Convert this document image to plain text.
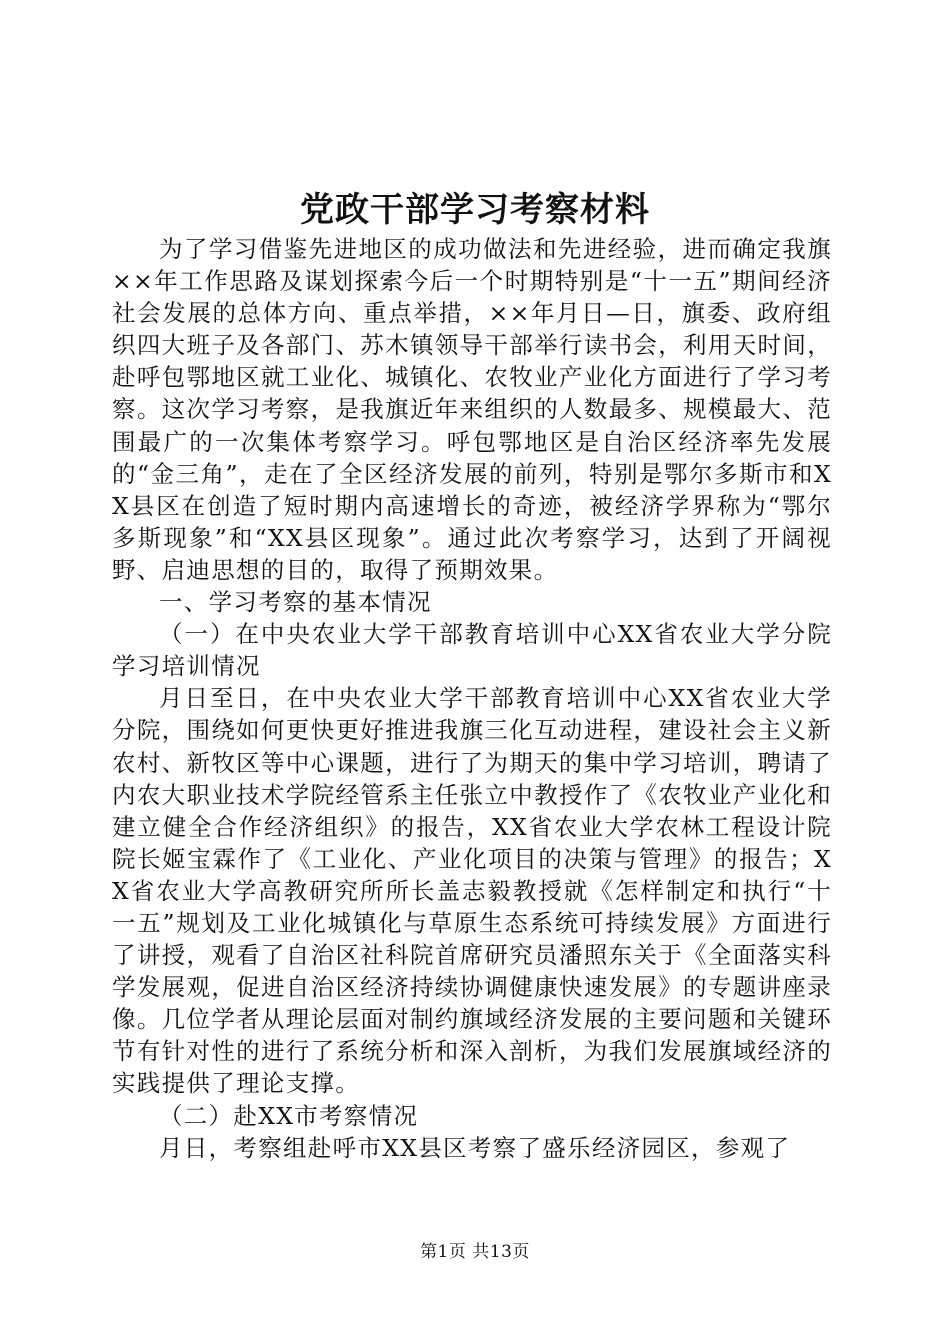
党政干部学习考察材料

为了学习借鉴先进地区的成功做法和先进经验，进而确定我旗××年工作思路及谋划探索今后一个时期特别是“十一五”期间经济社会发展的总体方向、重点举措，××年月日—日，旗委、政府组织四大班子及各部门、苏木镇领导干部举行读书会，利用天时间，赴呼包鄂地区就工业化、城镇化、农牧业产业化方面进行了学习考察。这次学习考察，是我旗近年来组织的人数最多、规模最大、范围最广的一次集体考察学习。呼包鄂地区是自治区经济率先发展的“金三角”，走在了全区经济发展的前列，特别是鄂尔多斯市和XX县区在创造了短时期内高速增长的奇迹，被经济学界称为“鄂尔多斯现象”和“XX县区现象”。通过此次考察学习，达到了开阔视野、启迪思想的目的，取得了预期效果。

一、学习考察的基本情况

（一）在中央农业大学干部教育培训中心XX省农业大学分院学习培训情况

月日至日，在中央农业大学干部教育培训中心XX省农业大学分院，围绕如何更快更好推进我旗三化互动进程，建设社会主义新农村、新牧区等中心课题，进行了为期天的集中学习培训，聘请了内农大职业技术学院经管系主任张立中教授作了《农牧业产业化和建立健全合作经济组织》的报告，XX省农业大学农林工程设计院院长姬宝霖作了《工业化、产业化项目的决策与管理》的报告；XX省农业大学高教研究所所长盖志毅教授就《怎样制定和执行“十一五”规划及工业化城镇化与草原生态系统可持续发展》方面进行了讲授，观看了自治区社科院首席研究员潘照东关于《全面落实科学发展观，促进自治区经济持续协调健康快速发展》的专题讲座录像。几位学者从理论层面对制约旗域经济发展的主要问题和关键环节有针对性的进行了系统分析和深入剖析，为我们发展旗域经济的实践提供了理论支撑。

（二）赴XX市考察情况

月日，考察组赴呼市XX县区考察了盛乐经济园区，参观了

第1页 共13页
